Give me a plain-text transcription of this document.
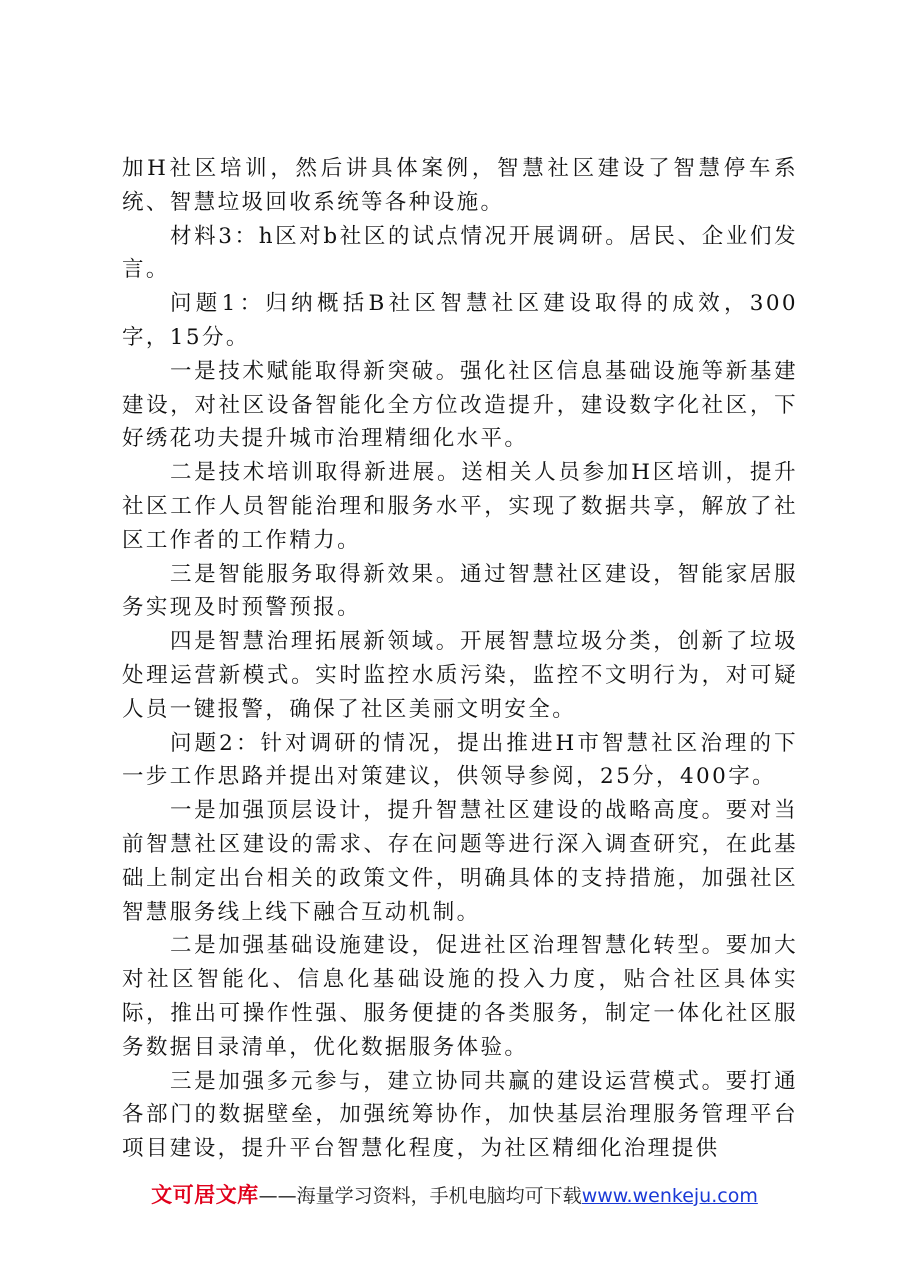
加H社区培训，然后讲具体案例，智慧社区建设了智慧停车系统、智慧垃圾回收系统等各种设施。

材料3：h区对b社区的试点情况开展调研。居民、企业们发言。

问题1：归纳概括B社区智慧社区建设取得的成效，300字，15分。

一是技术赋能取得新突破。强化社区信息基础设施等新基建建设，对社区设备智能化全方位改造提升，建设数字化社区，下好绣花功夫提升城市治理精细化水平。

二是技术培训取得新进展。送相关人员参加H区培训，提升社区工作人员智能治理和服务水平，实现了数据共享，解放了社区工作者的工作精力。

三是智能服务取得新效果。通过智慧社区建设，智能家居服务实现及时预警预报。

四是智慧治理拓展新领域。开展智慧垃圾分类，创新了垃圾处理运营新模式。实时监控水质污染，监控不文明行为，对可疑人员一键报警，确保了社区美丽文明安全。

问题2：针对调研的情况，提出推进H市智慧社区治理的下一步工作思路并提出对策建议，供领导参阅，25分，400字。

一是加强顶层设计，提升智慧社区建设的战略高度。要对当前智慧社区建设的需求、存在问题等进行深入调查研究，在此基础上制定出台相关的政策文件，明确具体的支持措施，加强社区智慧服务线上线下融合互动机制。

二是加强基础设施建设，促进社区治理智慧化转型。要加大对社区智能化、信息化基础设施的投入力度，贴合社区具体实际，推出可操作性强、服务便捷的各类服务，制定一体化社区服务数据目录清单，优化数据服务体验。

三是加强多元参与，建立协同共赢的建设运营模式。要打通各部门的数据壁垒，加强统筹协作，加快基层治理服务管理平台项目建设，提升平台智慧化程度，为社区精细化治理提供

文可居文库——海量学习资料，手机电脑均可下载www.wenkeju.com
